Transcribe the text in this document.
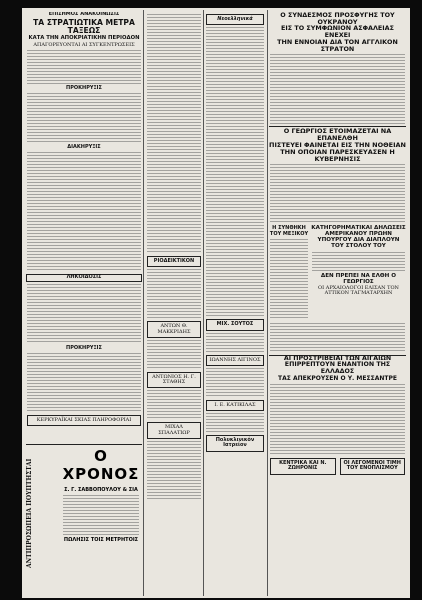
ΕΠΙΣΗΜΟΣ ΑΝΑΚΟΙΝΩΣΙΣ
ΤΑ ΣΤΡΑΤΙΩΤΙΚΑ ΜΕΤΡΑ ΤΑΞΕΩΣ
ΚΑΤΑ ΤΗΝ ΑΠΟΚΡΙΑΤΙΚΗΝ ΠΕΡΙΟΔΟΝ
ΑΠΑΓΟΡΕΥΟΝΤΑΙ ΑΙ ΣΥΓΚΕΝΤΡΩΣΕΙΣ
ΠΡΟΚΗΡΥΞΙΣ
ΔΙΑΚΗΡΥΞΙΣ
ΛΗΚΟΙΔΟΣΙΣ
ΠΡΟΚΗΡΥΞΙΣ
ΚΕΡΚΥΡΑΪΚΑΙ ΣΚΙΑΣ ΠΛΗΡΟΦΟΡΙΑΙ
ΑΝΤΙΠΡΟΣΩΠΕΙΑ ΠΟΥΠΤΗΣΤΑΙ
Ο ΧΡΟΝΟΣ
Σ. Γ. ΣΑΒΒΟΠΟΥΛΟΥ & ΣΙΑ
ΠΩΛΗΣΙΣ ΤΟΙΣ ΜΕΤΡΗΤΟΙΣ
ΡΙΟΔΕΙΚΤΙΚΟΝ
ΑΝΤΩΝ Θ. ΜΑΚΚΡΙΔΗΣ
ΑΝΤΩΝΙΟΣ Η. Γ. ΣΤΑΘΗΣ
ΜΙΧΑΛ ΣΠΑΛΑΤΙΩΡ
Νεοελληνικά
ΜΙΧ. ΣΟΥΤΟΣ
ΙΩΑΝΝΗΣ ΛΙΓΙΝΟΣ
Ι. Ε. ΚΑΤΙΚΙΛΑΣ
Πολυκλινικόν Ιατρείον
Ο ΣΥΝΔΕΣΜΟΣ ΠΡΟΣΦΥΓΗΣ ΤΟΥ ΟΥΚΡΑΝΟΥ
ΕΙΣ ΤΟ ΣΥΜΦΩΝΙΟΝ ΑΣΦΑΛΕΙΑΣ ΕΝΕΧΕΙ
ΤΗΝ ΕΝΝΟΙΑΝ ΔΙΑ ΤΟΝ ΑΓΓΛΙΚΟΝ ΣΤΡΑΤΟΝ
Ο ΓΕΩΡΓΙΟΣ ΕΤΟΙΜΑΖΕΤΑΙ ΝΑ ΕΠΑΝΕΛΘΗ
ΠΙΣΤΕΥΕΙ ΦΑΙΝΕΤΑΙ ΕΙΣ ΤΗΝ ΝΟΘΕΙΑΝ
ΤΗΝ ΟΠΟΙΑΝ ΠΑΡΕΣΚΕΥΑΣΕΝ Η ΚΥΒΕΡΝΗΣΙΣ
Η ΣΥΝΘΗΚΗ ΤΟΥ ΜΕΞΙΚΟΥ
ΚΑΤΗΓΟΡΗΜΑΤΙΚΑΙ ΔΗΛΩΣΕΙΣ ΑΜΕΡΙΚΑΝΟΥ ΠΡΩΗΝ ΥΠΟΥΡΓΟΥ ΔΙΑ ΔΙΑΠΛΟΥΝ ΤΟΥ ΣΤΟΛΟΥ ΤΟΥ
ΔΕΝ ΠΡΕΠΕΙ ΝΑ ΕΛΘΗ Ο ΓΕΩΡΓΙΟΣ
ΟΙ ΑΡΧΑΙΟΛΟΓΟΙ ΕΛΙΣΑΝ ΤΟΝ ΑΤΤΙΚΟΝ ΤΑΓΜΑΤΑΡΧΗΝ
ΑΙ ΠΡΟΣΤΡΙΒΕΙΑΙ ΤΩΝ ΑΙΓΑΙΩΝ ΕΠΙΡΡΕΠΤΟΥΝ ΕΝΑΝΤΙΟΝ ΤΗΣ ΕΛΛΑΔΟΣ
ΤΑΣ ΑΠΕΚΡΟΥΣΕΝ Ο Υ. ΜΕΣΣΑΝΤΡΕ
ΚΕΝΤΡΙΚΑ ΚΑΙ Ν. ΖΩΗΡΟΝΙΣ
ΟΙ ΛΕΓΟΜΕΝΟΙ ΤΙΜΗ ΤΟΥ ΕΝΟΠΛΙΣΜΟΥ
